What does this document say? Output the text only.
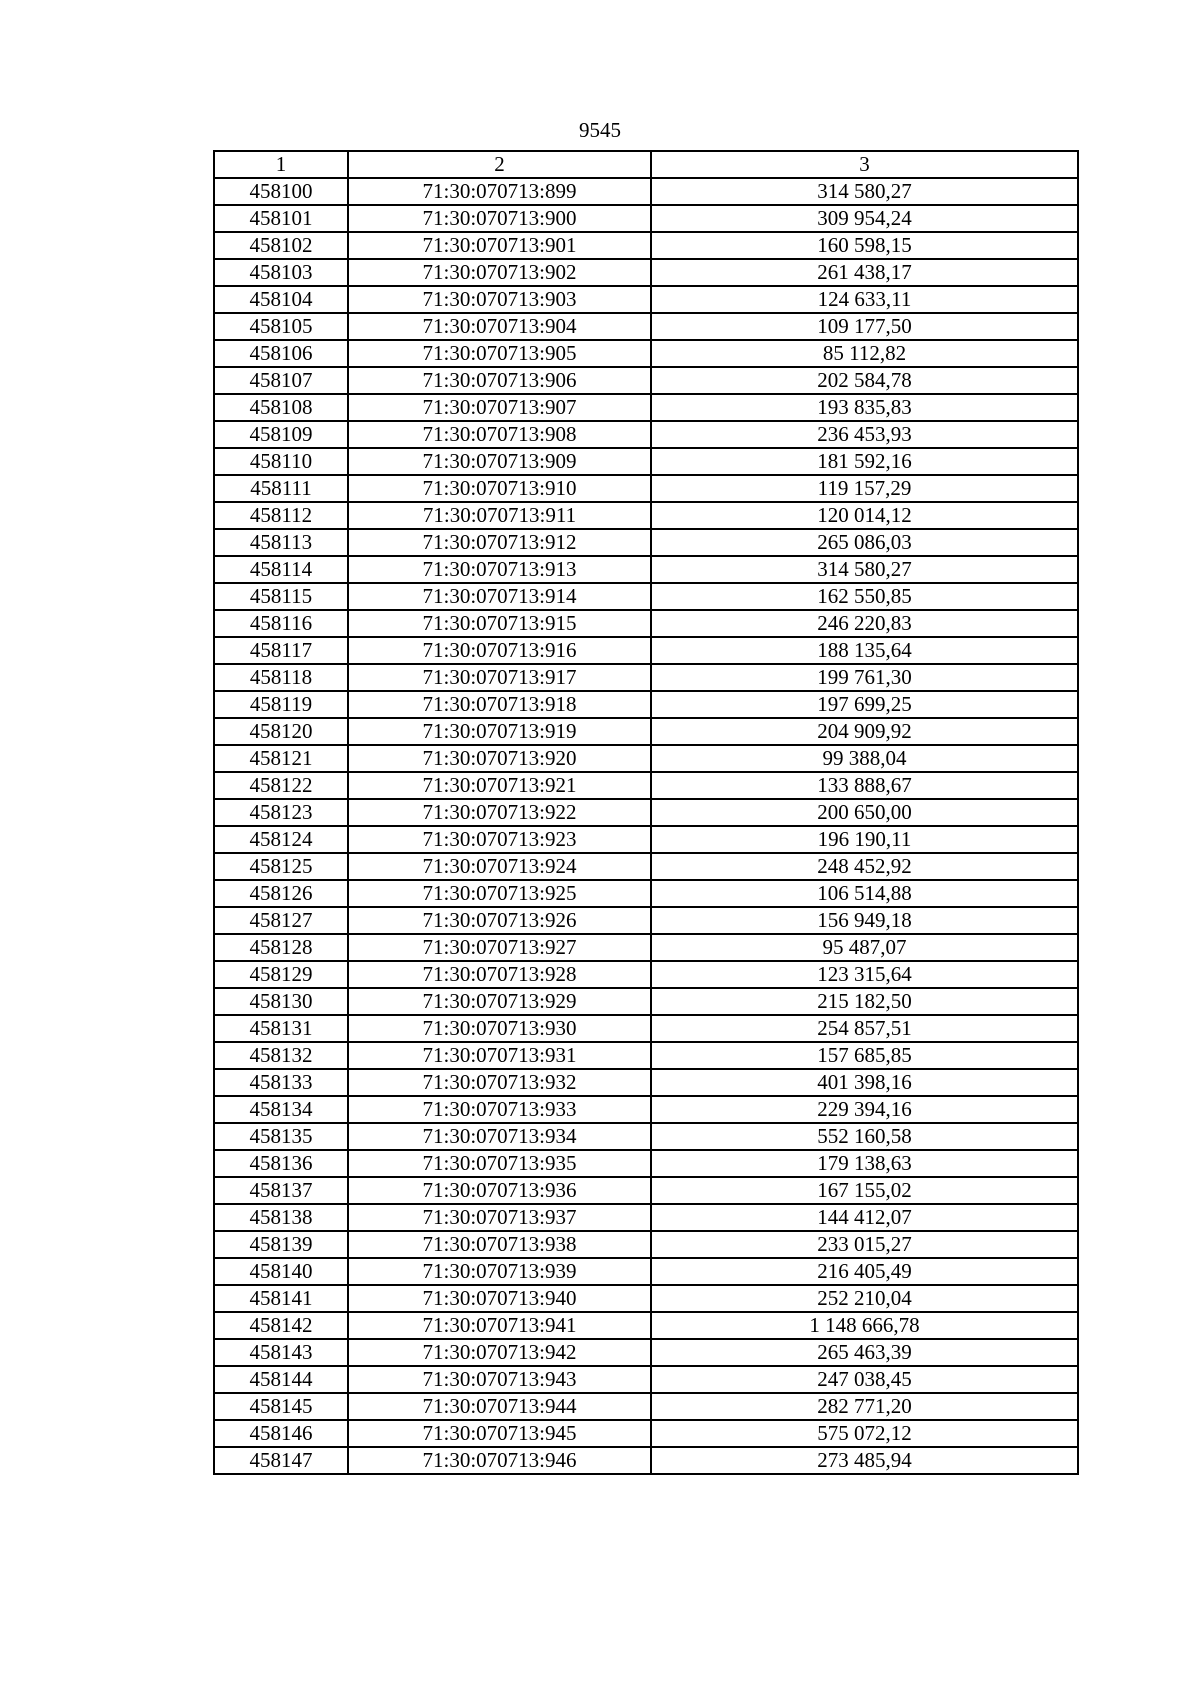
9545
1	2	3
458100	71:30:070713:899	314 580,27
458101	71:30:070713:900	309 954,24
458102	71:30:070713:901	160 598,15
458103	71:30:070713:902	261 438,17
458104	71:30:070713:903	124 633,11
458105	71:30:070713:904	109 177,50
458106	71:30:070713:905	85 112,82
458107	71:30:070713:906	202 584,78
458108	71:30:070713:907	193 835,83
458109	71:30:070713:908	236 453,93
458110	71:30:070713:909	181 592,16
458111	71:30:070713:910	119 157,29
458112	71:30:070713:911	120 014,12
458113	71:30:070713:912	265 086,03
458114	71:30:070713:913	314 580,27
458115	71:30:070713:914	162 550,85
458116	71:30:070713:915	246 220,83
458117	71:30:070713:916	188 135,64
458118	71:30:070713:917	199 761,30
458119	71:30:070713:918	197 699,25
458120	71:30:070713:919	204 909,92
458121	71:30:070713:920	99 388,04
458122	71:30:070713:921	133 888,67
458123	71:30:070713:922	200 650,00
458124	71:30:070713:923	196 190,11
458125	71:30:070713:924	248 452,92
458126	71:30:070713:925	106 514,88
458127	71:30:070713:926	156 949,18
458128	71:30:070713:927	95 487,07
458129	71:30:070713:928	123 315,64
458130	71:30:070713:929	215 182,50
458131	71:30:070713:930	254 857,51
458132	71:30:070713:931	157 685,85
458133	71:30:070713:932	401 398,16
458134	71:30:070713:933	229 394,16
458135	71:30:070713:934	552 160,58
458136	71:30:070713:935	179 138,63
458137	71:30:070713:936	167 155,02
458138	71:30:070713:937	144 412,07
458139	71:30:070713:938	233 015,27
458140	71:30:070713:939	216 405,49
458141	71:30:070713:940	252 210,04
458142	71:30:070713:941	1 148 666,78
458143	71:30:070713:942	265 463,39
458144	71:30:070713:943	247 038,45
458145	71:30:070713:944	282 771,20
458146	71:30:070713:945	575 072,12
458147	71:30:070713:946	273 485,94
